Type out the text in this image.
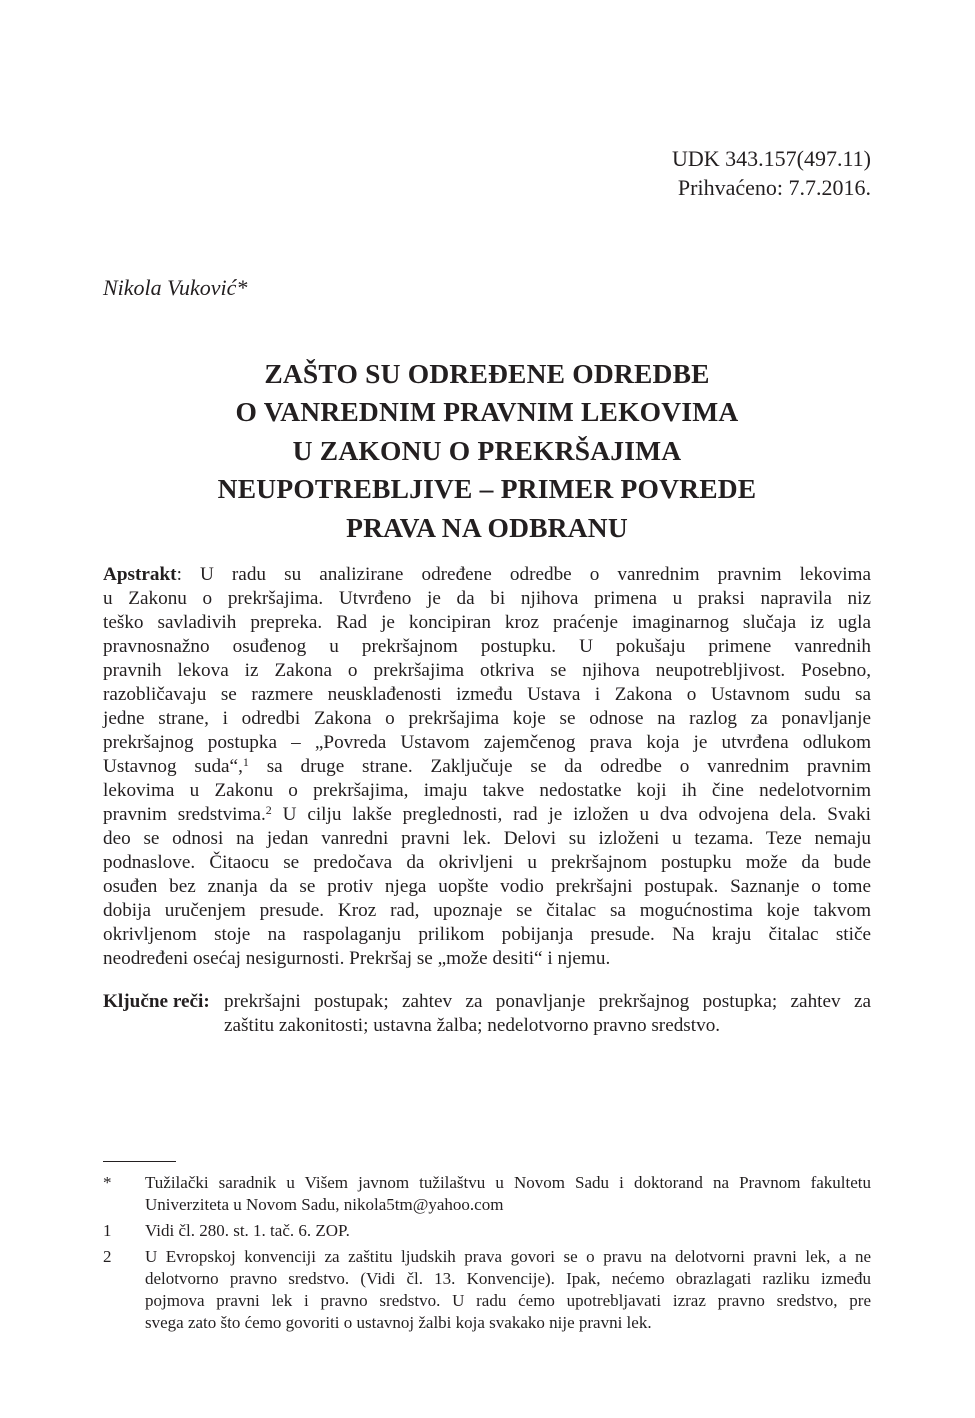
UDK 343.157(497.11)
Prihvaćeno: 7.7.2016.
Nikola Vuković*
ZAŠTO SU ODREĐENE ODREDBE
O VANREDNIM PRAVNIM LEKOVIMA
U ZAKONU O PREKRŠAJIMA
NEUPOTREBLJIVE – PRIMER POVREDE
PRAVA NA ODBRANU
Apstrakt: U radu su analizirane određene odredbe o vanrednim pravnim lekovima
u Zakonu o prekršajima. Utvrđeno je da bi njihova primena u praksi napravila niz
teško savladivih prepreka. Rad je koncipiran kroz praćenje imaginarnog slučaja iz ugla
pravnosnažno osuđenog u prekršajnom postupku. U pokušaju primene vanrednih
pravnih lekova iz Zakona o prekršajima otkriva se njihova neupotrebljivost. Posebno,
razobličavaju se razmere neusklađenosti između Ustava i Zakona o Ustavnom sudu sa
jedne strane, i odredbi Zakona o prekršajima koje se odnose na razlog za ponavljanje
prekršajnog postupka – „Povreda Ustavom zajemčenog prava koja je utvrđena odlukom
Ustavnog suda“,$^1$ sa druge strane. Zaključuje se da odredbe o vanrednim pravnim
lekovima u Zakonu o prekršajima, imaju takve nedostatke koji ih čine nedelotvornim
pravnim sredstvima.$^2$ U cilju lakše preglednosti, rad je izložen u dva odvojena dela. Svaki
deo se odnosi na jedan vanredni pravni lek. Delovi su izloženi u tezama. Teze nemaju
podnaslove. Čitaocu se predočava da okrivljeni u prekršajnom postupku može da bude
osuđen bez znanja da se protiv njega uopšte vodio prekršajni postupak. Saznanje o tome
dobija uručenjem presude. Kroz rad, upoznaje se čitalac sa mogućnostima koje takvom
okrivljenom stoje na raspolaganju prilikom pobijanja presude. Na kraju čitalac stiče
neodređeni osećaj nesigurnosti. Prekršaj se „može desiti“ i njemu.
Ključne reči: prekršajni postupak; zahtev za ponavljanje prekršajnog postupka; zahtev za
zaštitu zakonitosti; ustavna žalba; nedelotvorno pravno sredstvo.
*	Tužilački saradnik u Višem javnom tužilaštvu u Novom Sadu i doktorand na Pravnom fakultetu
Univerziteta u Novom Sadu, nikola5tm@yahoo.com
1	Vidi čl. 280. st. 1. tač. 6. ZOP.
2	U Evropskoj konvenciji za zaštitu ljudskih prava govori se o pravu na delotvorni pravni lek, a ne
delotvorno pravno sredstvo. (Vidi čl. 13. Konvencije). Ipak, nećemo obrazlagati razliku između
pojmova pravni lek i pravno sredstvo. U radu ćemo upotrebljavati izraz pravno sredstvo, pre
svega zato što ćemo govoriti o ustavnoj žalbi koja svakako nije pravni lek.
